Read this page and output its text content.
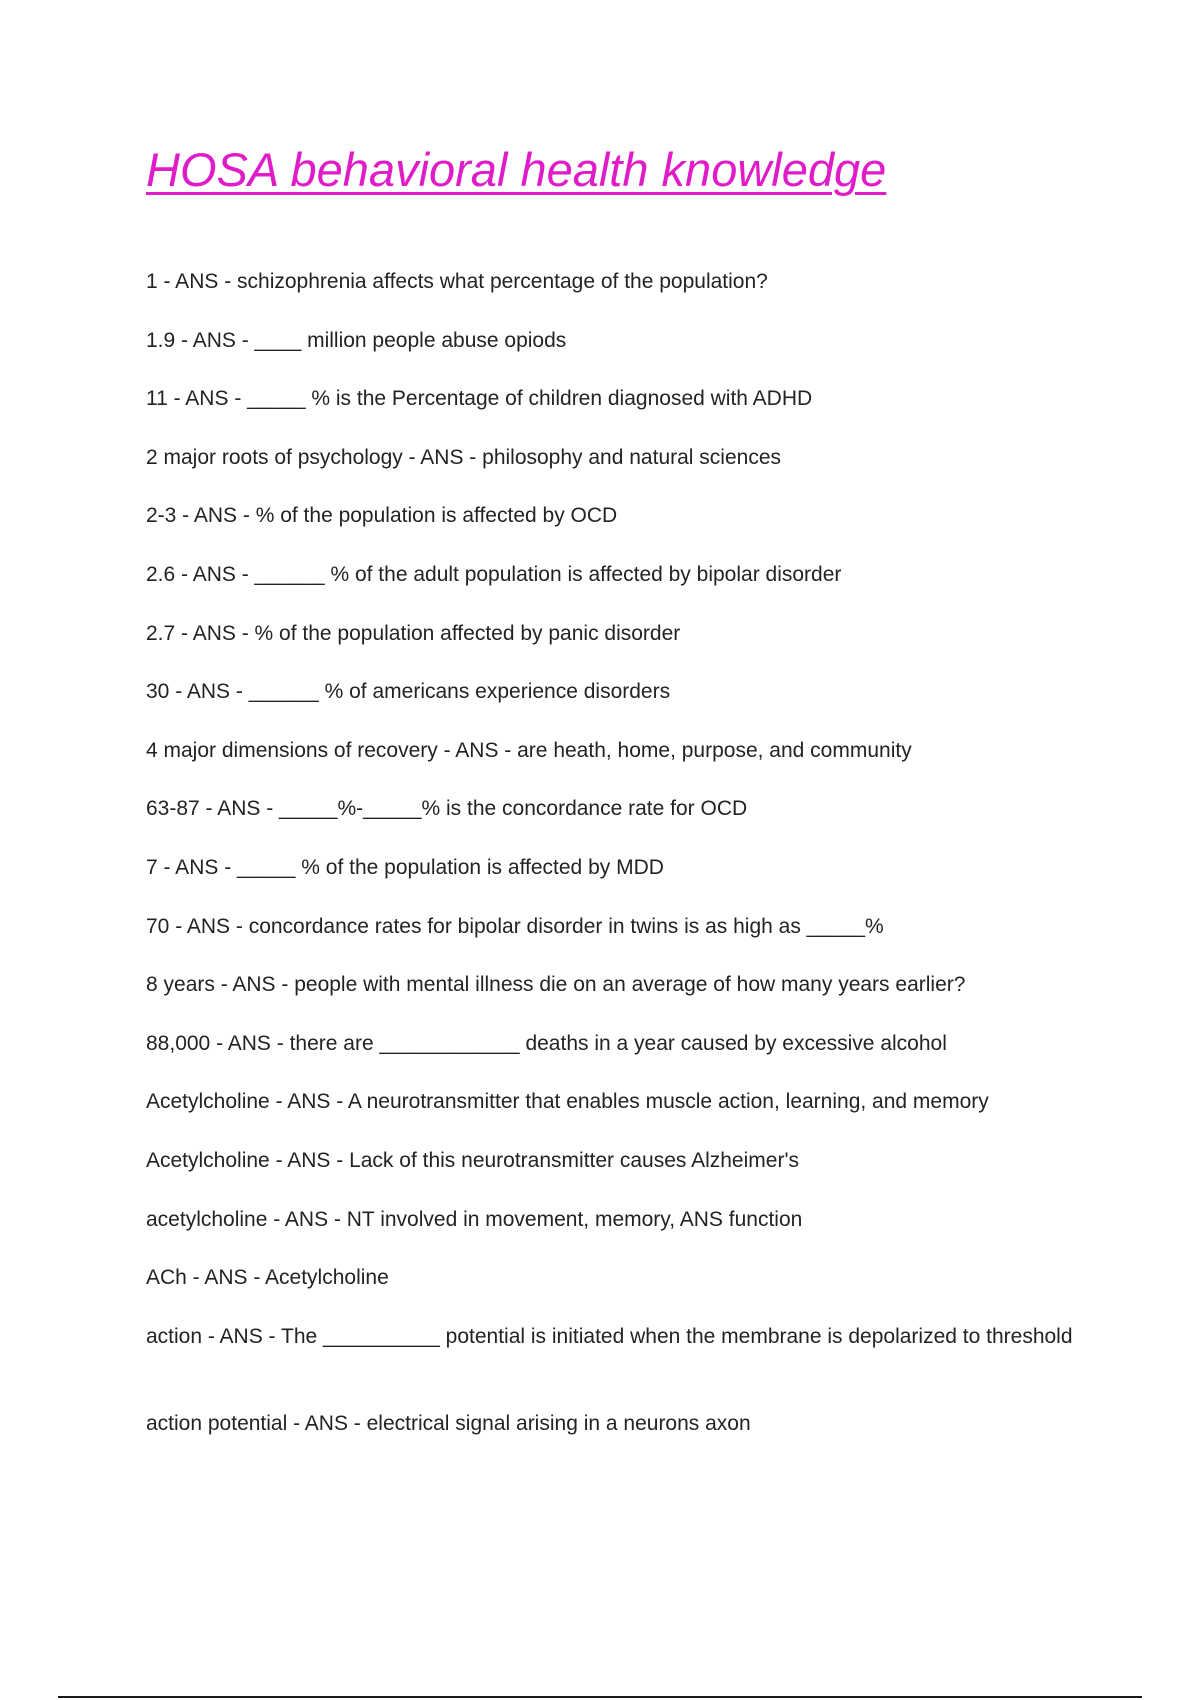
HOSA behavioral health knowledge
1 - ANS - schizophrenia affects what percentage of the population?
1.9 - ANS - ____ million people abuse opiods
11 - ANS - _____ % is the Percentage of children diagnosed with ADHD
2 major roots of psychology - ANS - philosophy and natural sciences
2-3 - ANS - % of the population is affected by OCD
2.6 - ANS - ______ % of the adult population is affected by bipolar disorder
2.7 - ANS - % of the population affected by panic disorder
30 - ANS - ______ % of americans experience disorders
4 major dimensions of recovery - ANS - are heath, home, purpose, and community
63-87 - ANS - _____%-_____% is the concordance rate for OCD
7 - ANS - _____ % of the population is affected by MDD
70 - ANS - concordance rates for bipolar disorder in twins is as high as _____%
8 years - ANS - people with mental illness die on an average of how many years earlier?
88,000 - ANS - there are ____________ deaths in a year caused by excessive alcohol
Acetylcholine - ANS - A neurotransmitter that enables muscle action, learning, and memory
Acetylcholine - ANS - Lack of this neurotransmitter causes Alzheimer's
acetylcholine - ANS - NT involved in movement, memory, ANS function
ACh - ANS - Acetylcholine
action - ANS - The __________ potential is initiated when the membrane is depolarized to threshold
action potential - ANS - electrical signal arising in a neurons axon
